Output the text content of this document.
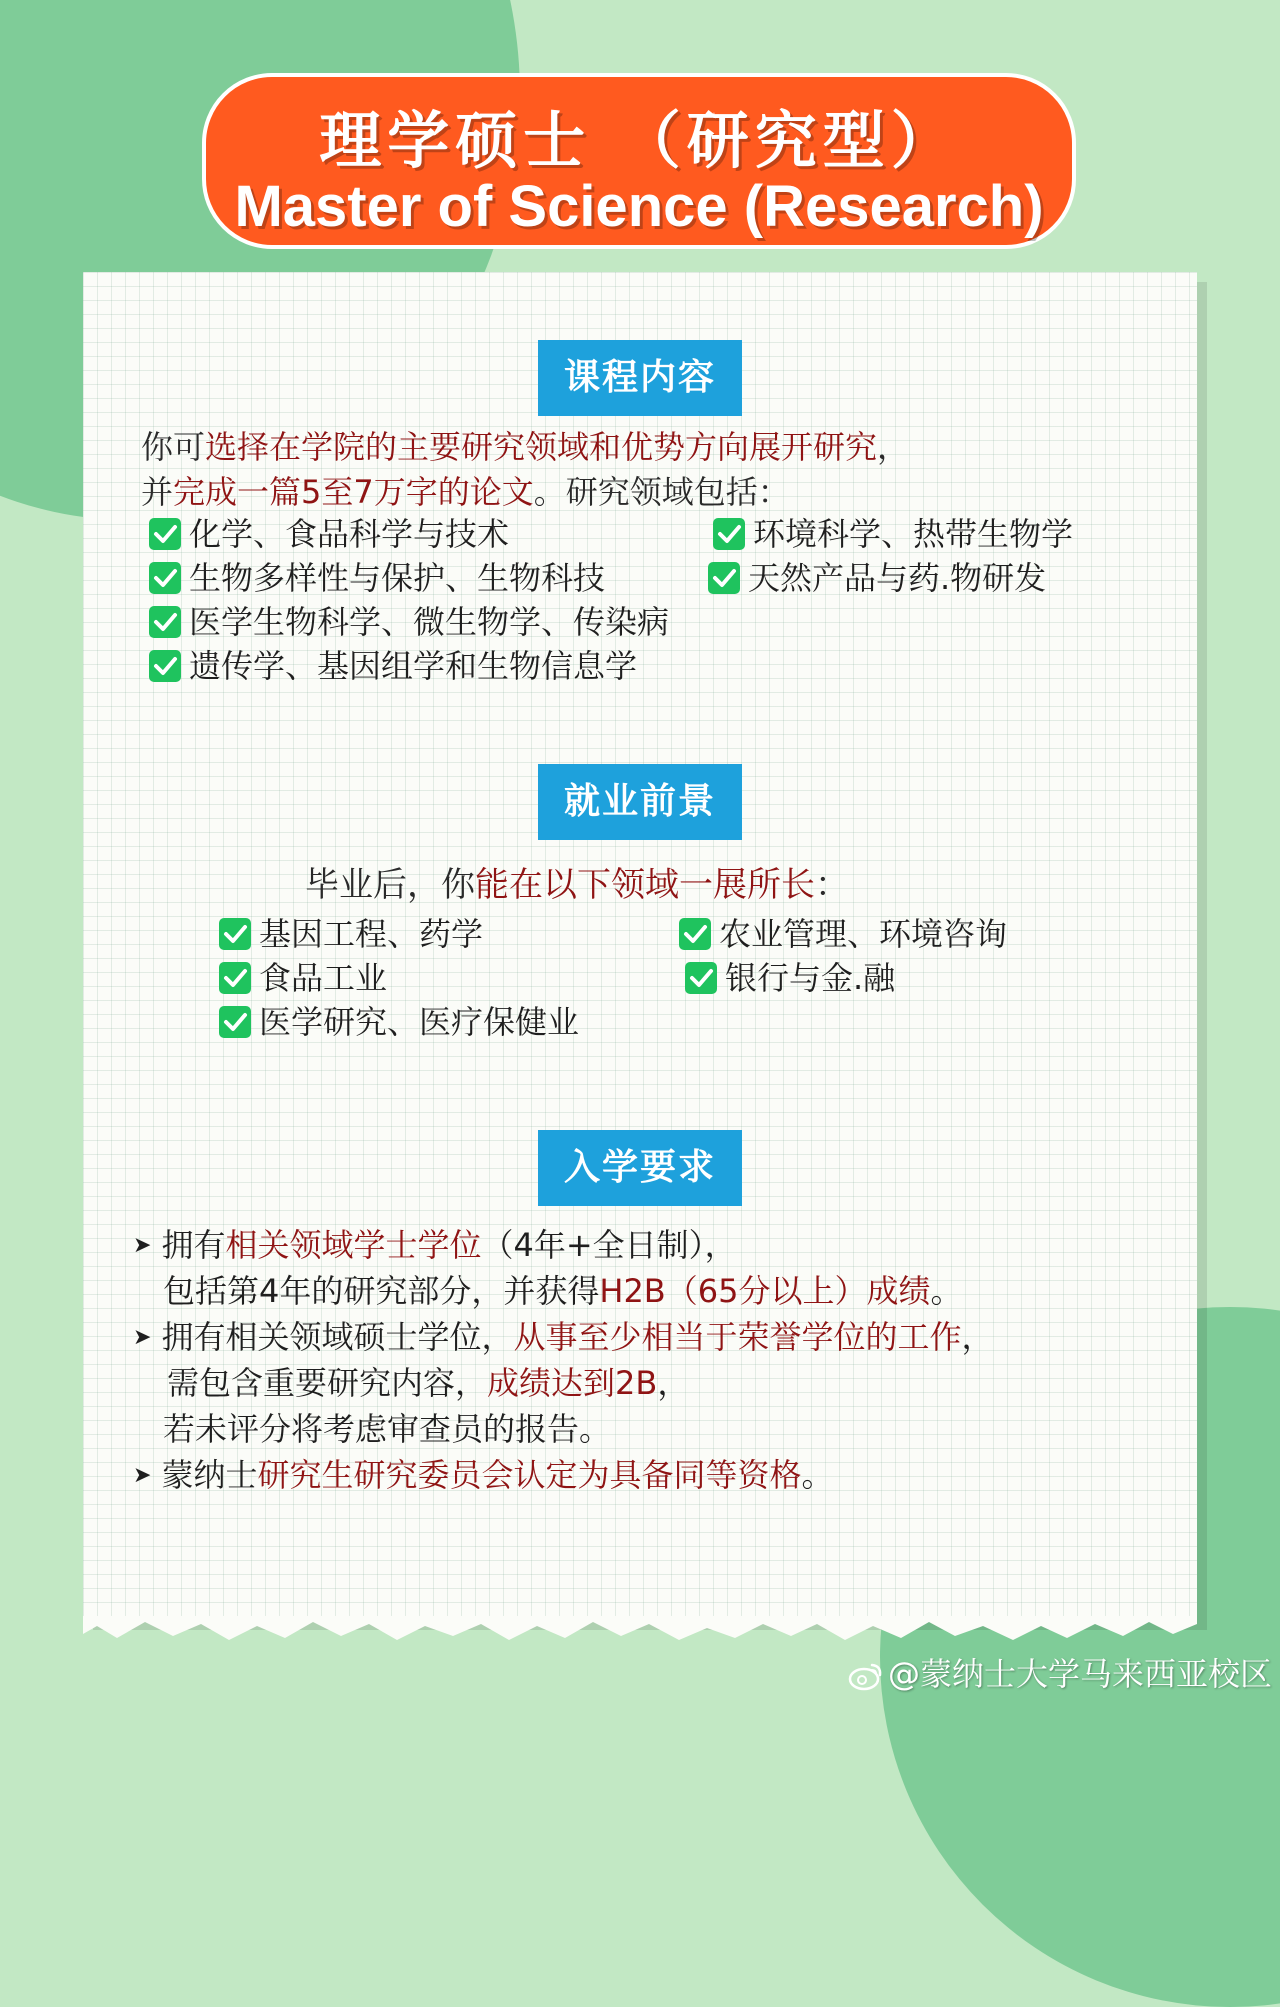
理学硕士 （研究型）
Master of Science (Research)
课程内容
你可选择在学院的主要研究领域和优势方向展开研究，
并完成一篇5至7万字的论文。研究领域包括：
化学、食品科学与技术
生物多样性与保护、生物科技
医学生物科学、微生物学、传染病
遗传学、基因组学和生物信息学
环境科学、热带生物学
天然产品与药.物研发
就业前景
毕业后，你能在以下领域一展所长：
基因工程、药学
食品工业
医学研究、医疗保健业
农业管理、环境咨询
银行与金.融
入学要求
➤ 拥有相关领域学士学位（4年+全日制），
包括第4年的研究部分，并获得H2B（65分以上）成绩。
➤ 拥有相关领域硕士学位，从事至少相当于荣誉学位的工作，
需包含重要研究内容，成绩达到2B，
若未评分将考虑审查员的报告。
➤ 蒙纳士研究生研究委员会认定为具备同等资格。
@蒙纳士大学马来西亚校区
